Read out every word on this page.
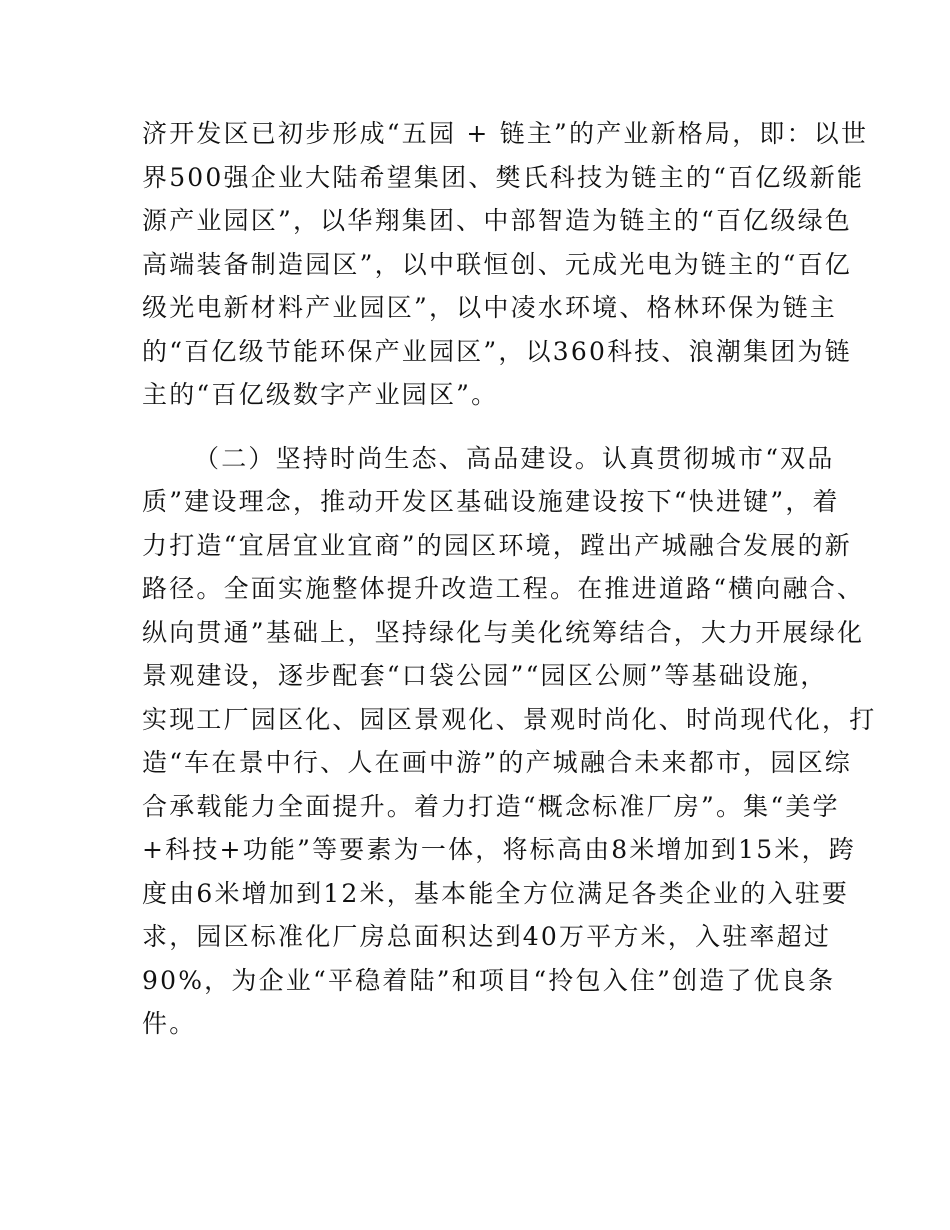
济开发区已初步形成“五园 + 链主”的产业新格局，即：以世
界500强企业大陆希望集团、樊氏科技为链主的“百亿级新能
源产业园区”，以华翔集团、中部智造为链主的“百亿级绿色
高端装备制造园区”，以中联恒创、元成光电为链主的“百亿
级光电新材料产业园区”，以中凌水环境、格林环保为链主
的“百亿级节能环保产业园区”，以360科技、浪潮集团为链
主的“百亿级数字产业园区”。
（二）坚持时尚生态、高品建设。认真贯彻城市“双品
质”建设理念，推动开发区基础设施建设按下“快进键”，着
力打造“宜居宜业宜商”的园区环境，蹚出产城融合发展的新
路径。全面实施整体提升改造工程。在推进道路“横向融合、
纵向贯通”基础上，坚持绿化与美化统筹结合，大力开展绿化
景观建设，逐步配套“口袋公园”“园区公厕”等基础设施，
实现工厂园区化、园区景观化、景观时尚化、时尚现代化，打
造“车在景中行、人在画中游”的产城融合未来都市，园区综
合承载能力全面提升。着力打造“概念标准厂房”。集“美学
+科技+功能”等要素为一体，将标高由8米增加到15米，跨
度由6米增加到12米，基本能全方位满足各类企业的入驻要
求，园区标准化厂房总面积达到40万平方米，入驻率超过
90%，为企业“平稳着陆”和项目“拎包入住”创造了优良条
件。
